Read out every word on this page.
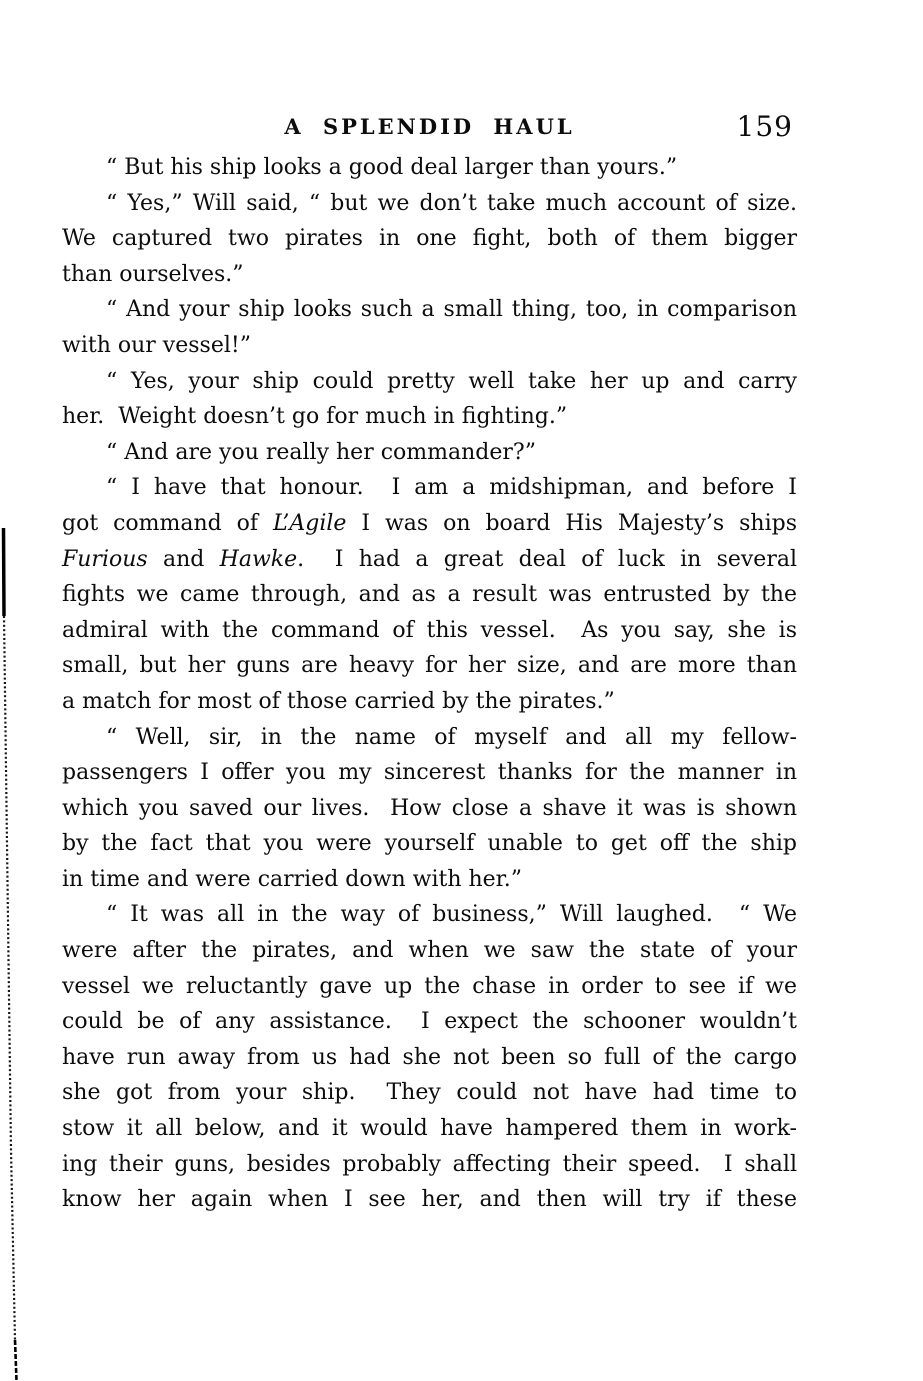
A SPLENDID HAUL	159
“ But his ship looks a good deal larger than yours.”
“ Yes,” Will said, “ but we don’t take much account of size.
We captured two pirates in one fight, both of them bigger
than ourselves.”
“ And your ship looks such a small thing, too, in comparison
with our vessel!”
“ Yes, your ship could pretty well take her up and carry
her.  Weight doesn’t go for much in fighting.”
“ And are you really her commander?”
“ I have that honour.  I am a midshipman, and before I
got command of L’Agile I was on board His Majesty’s ships
Furious and Hawke.  I had a great deal of luck in several
fights we came through, and as a result was entrusted by the
admiral with the command of this vessel.  As you say, she is
small, but her guns are heavy for her size, and are more than
a match for most of those carried by the pirates.”
“ Well, sir, in the name of myself and all my fellow-
passengers I offer you my sincerest thanks for the manner in
which you saved our lives.  How close a shave it was is shown
by the fact that you were yourself unable to get off the ship
in time and were carried down with her.”
“ It was all in the way of business,” Will laughed.  “ We
were after the pirates, and when we saw the state of your
vessel we reluctantly gave up the chase in order to see if we
could be of any assistance.  I expect the schooner wouldn’t
have run away from us had she not been so full of the cargo
she got from your ship.  They could not have had time to
stow it all below, and it would have hampered them in work-
ing their guns, besides probably affecting their speed.  I shall
know her again when I see her, and then will try if these
